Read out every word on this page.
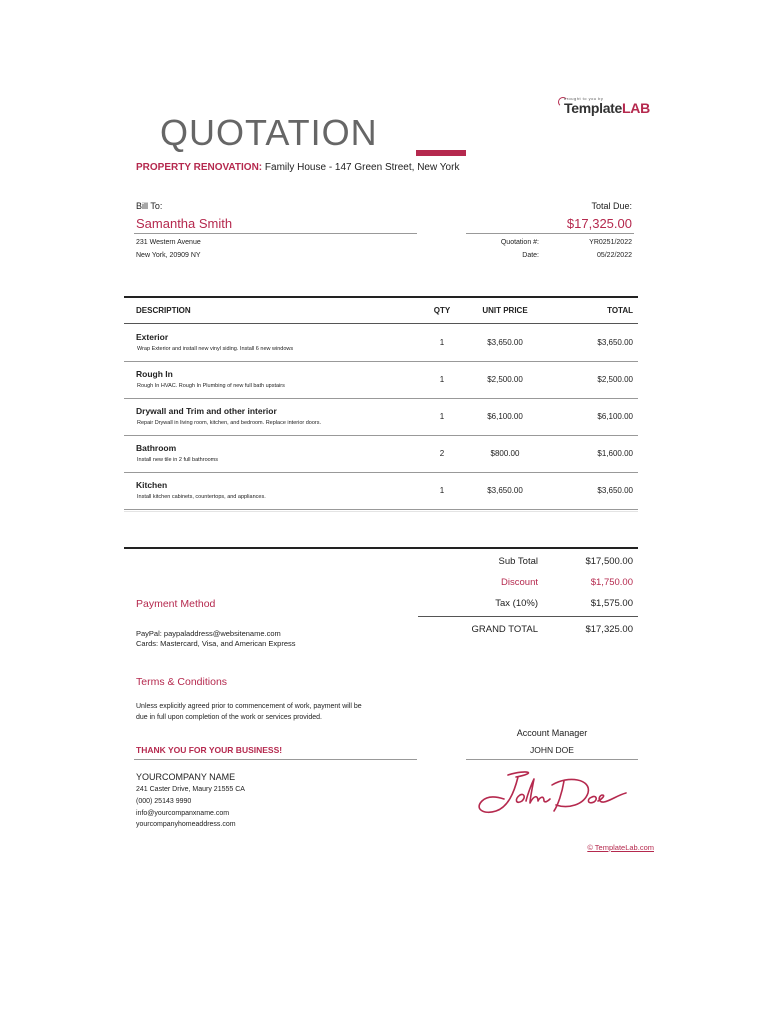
brought to you by
TemplateLAB
QUOTATION
PROPERTY RENOVATION: Family House - 147 Green Street, New York
Bill To:
Samantha Smith
231 Western Avenue
New York, 20909 NY
Total Due:
$17,325.00
Quotation #:	YR0251/2022
Date:	05/22/2022
DESCRIPTION	QTY	UNIT PRICE	TOTAL
Exterior
Wrap Exterior and install new vinyl siding. Install 6 new windows
1	$3,650.00	$3,650.00
Rough In
Rough In HVAC. Rough In Plumbing of new full bath upstairs
1	$2,500.00	$2,500.00
Drywall and Trim and other interior
Repair Drywall in living room, kitchen, and bedroom. Replace interior doors.
1	$6,100.00	$6,100.00
Bathroom
Install new tile in 2 full bathrooms
2	$800.00	$1,600.00
Kitchen
Install kitchen cabinets, countertops, and appliances.
1	$3,650.00	$3,650.00
Sub Total	$17,500.00
Discount	$1,750.00
Tax (10%)	$1,575.00
GRAND TOTAL	$17,325.00
Payment Method
PayPal: paypaladdress@websitename.com
Cards: Mastercard, Visa, and American Express
Terms & Conditions
Unless explicitly agreed prior to commencement of work, payment will be
due in full upon completion of the work or services provided.
THANK YOU FOR YOUR BUSINESS!
Account Manager
JOHN DOE
YOURCOMPANY NAME
241 Caster Drive, Maury 21555 CA
(000) 25143 9990
info@yourcompanxname.com
yourcompanyhomeaddress.com
© TemplateLab.com
